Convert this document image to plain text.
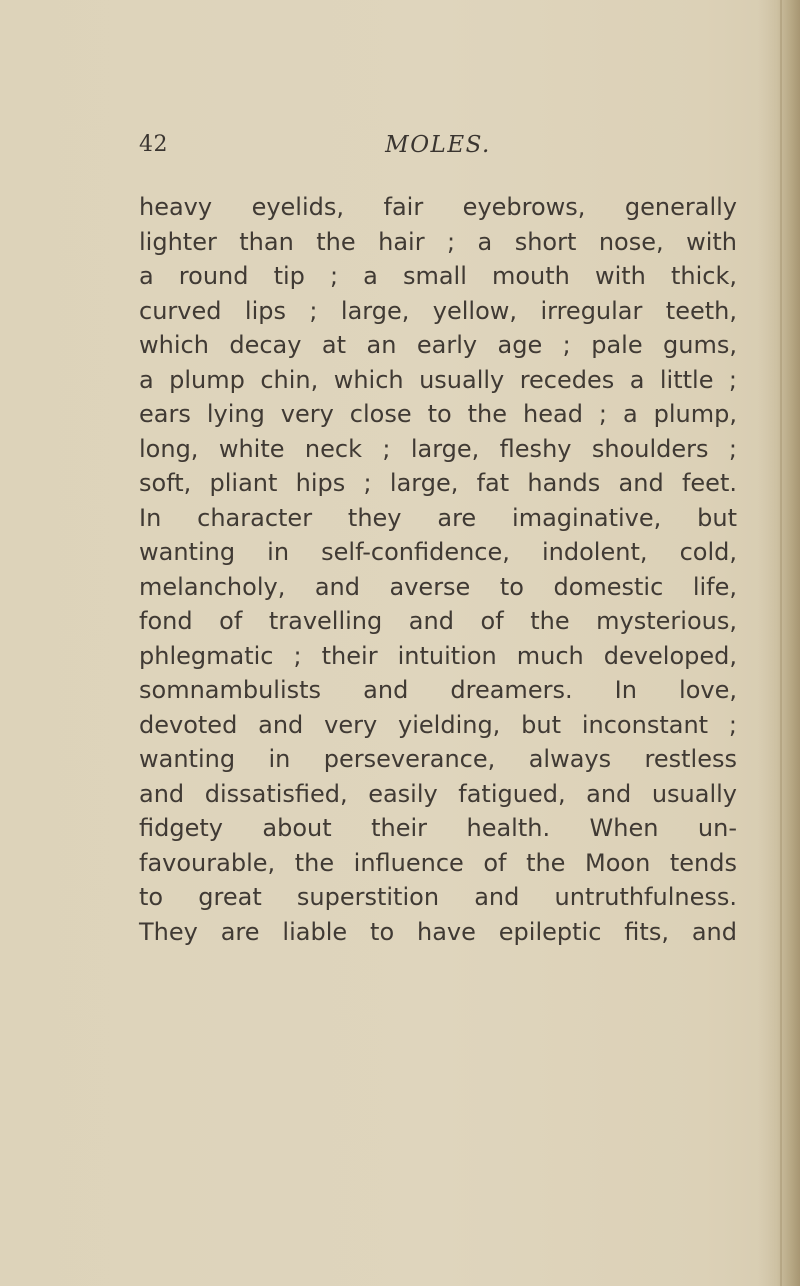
42	MOLES.
heavy eyelids, fair eyebrows, generally
lighter than the hair ; a short nose, with
a round tip ; a small mouth with thick,
curved lips ; large, yellow, irregular teeth,
which decay at an early age ; pale gums,
a plump chin, which usually recedes a little ;
ears lying very close to the head ; a plump,
long, white neck ; large, fleshy shoulders ;
soft, pliant hips ; large, fat hands and feet.
In character they are imaginative, but
wanting in self-confidence, indolent, cold,
melancholy, and averse to domestic life,
fond of travelling and of the mysterious,
phlegmatic ; their intuition much developed,
somnambulists and dreamers. In love,
devoted and very yielding, but inconstant ;
wanting in perseverance, always restless
and dissatisfied, easily fatigued, and usually
fidgety about their health. When un-
favourable, the influence of the Moon tends
to great superstition and untruthfulness.
They are liable to have epileptic fits, and
